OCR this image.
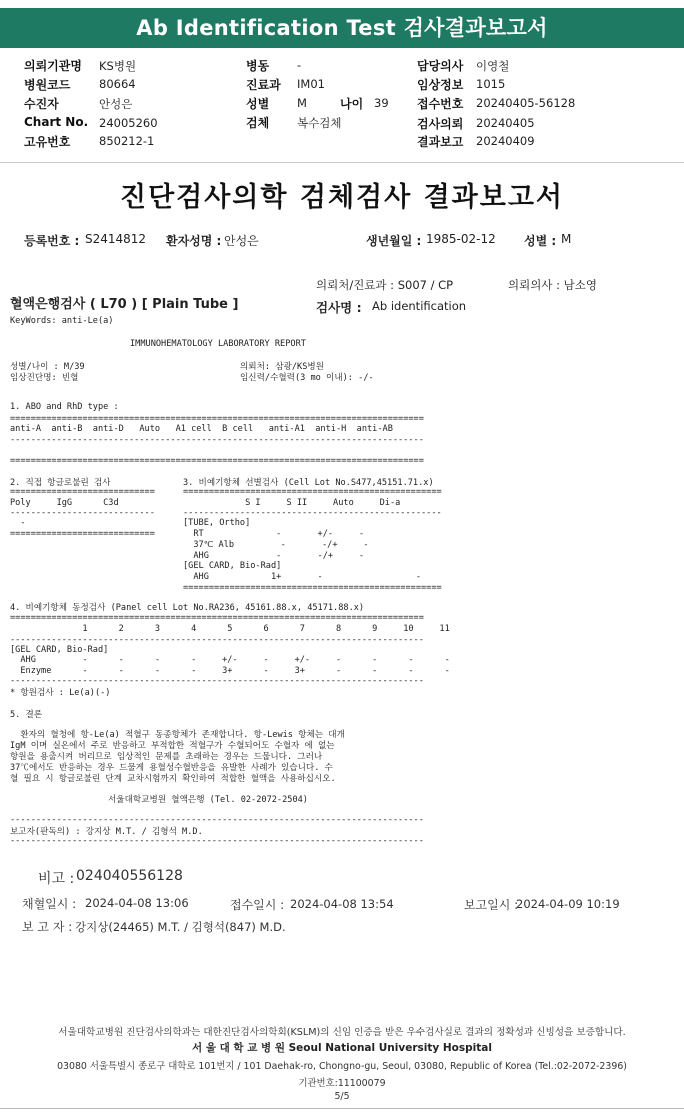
Ab Identification Test 검사결과보고서
의뢰기관명 KS병원
병원코드 80664
수진자	안성은
Chart No. 24005260
고유번호 850212-1
병동 -
진료과 IM01
성별 M	나이 39
검체 복수검체
담당의사 이영철
임상정보 1015
접수번호 20240405-56128
검사의뢰 20240405
결과보고 20240409
진단검사의학 검체검사 결과보고서
등록번호 : S2414812 환자성명 : 안성은	생년월일 : 1985-02-12 성별 : M
의뢰처/진료과 : S007 / CP	의뢰의사 : 남소영
혈액은행검사 ( L70 ) [ Plain Tube ]	검사명 : Ab identification
KeyWords: anti-Le(a)
IMMUNOHEMATOLOGY LABORATORY REPORT
성별/나이 : M/39	의뢰처: 삼광/KS병원
임상진단명: 빈혈	임신력/수혈력(3 mo 이내): -/-
1. ABO and RhD type :
================================================================================
anti-A  anti-B  anti-D   Auto   A1 cell  B cell   anti-A1  anti-H  anti-AB
--------------------------------------------------------------------------------
================================================================================
2. 직접 항글로불린 검사	3. 비예기항체 선별검사 (Cell Lot No.S477,45151.71.x)
============================	==================================================
Poly     IgG      C3d	S I     S II     Auto     Di-a
----------------------------	--------------------------------------------------
-	[TUBE, Ortho]
============================	RT              -       +/-     -
37℃ Alb         -       -/+     -
AHG             -       -/+     -
[GEL CARD, Bio-Rad]
AHG            1+       -                  -
==================================================
4. 비예기항체 동정검사 (Panel cell Lot No.RA236, 45161.88.x, 45171.88.x)
================================================================================
1      2      3      4      5      6      7      8      9     10     11
--------------------------------------------------------------------------------
[GEL CARD, Bio-Rad]
AHG         -      -      -      -     +/-     -     +/-     -      -      -      -
Enzyme      -      -      -      -     3+      -     3+      -      -      -      -
--------------------------------------------------------------------------------
* 항원검사 : Le(a)(-)
5. 결론
환자의 혈청에 항-Le(a) 적혈구 동종항체가 존재합니다. 항-Lewis 항체는 대개
IgM 이며 실온에서 주로 반응하고 부적합한 적혈구가 수혈되어도 수혈자 에 없는
항원을 용출시켜 버리므로 임상적인 문제를 초래하는 경우는 드뭅니다. 그러나
37℃에서도 반응하는 경우 드물게 용혈성수혈반응을 유발한 사례가 있습니다. 수
혈 필요 시 항글로불린 단계 교차시험까지 확인하여 적합한 혈액을 사용하십시오.
서울대학교병원 혈액은행 (Tel. 02-2072-2504)
--------------------------------------------------------------------------------
보고자(판독의) : 강지상 M.T. / 김형석 M.D.
--------------------------------------------------------------------------------
비고 : 024040556128
채혈일시 : 2024-04-08 13:06	접수일시 : 2024-04-08 13:54	보고일시 :
2024-04-09 10:19
보 고 자 : 강지상(24465) M.T. / 김형석(847) M.D.
서울대학교병원 진단검사의학과는 대한진단검사의학회(KSLM)의 신임 인증을 받은 우수검사실로 결과의 정확성과 신빙성을 보증합니다.
서 울 대 학 교 병 원 Seoul National University Hospital
03080 서울특별시 종로구 대학로 101번지 / 101 Daehak-ro, Chongno-gu, Seoul, 03080, Republic of Korea (Tel.:02-2072-2396)
기관번호:11100079
5/5
